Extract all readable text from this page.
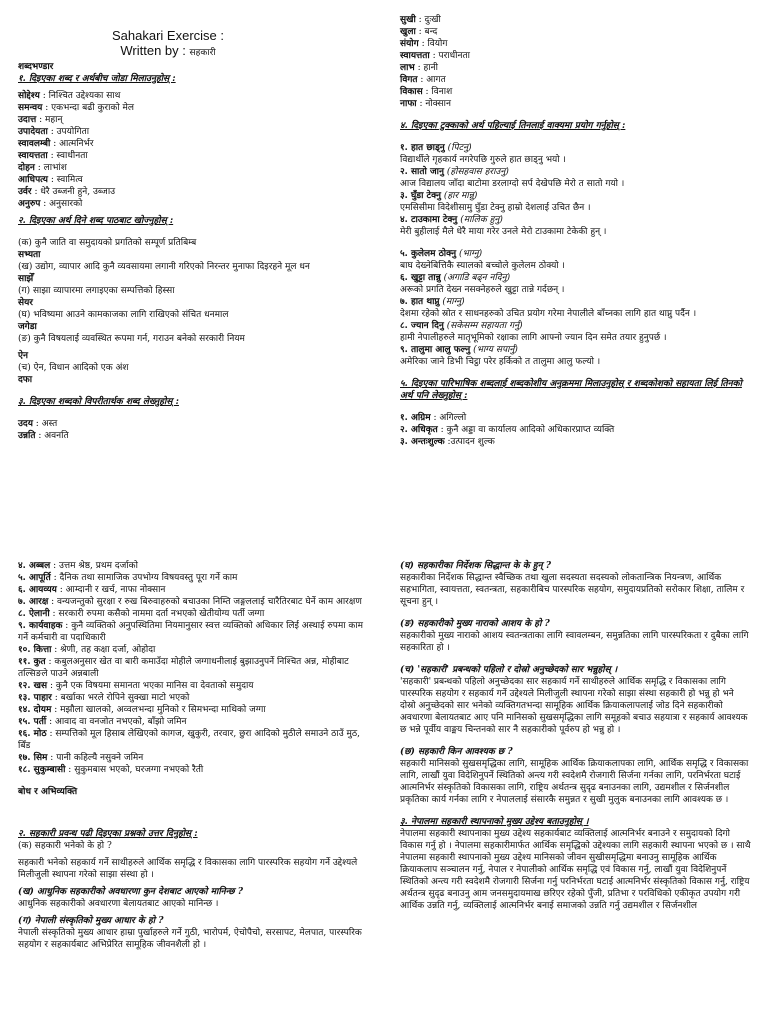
Sahakari Exercise :

Written by : सहकारी

शब्दभण्डार

१. दिइएका शब्द र अर्थबीच जोडा मिलाउनुहोस् :

सोद्देश्य : निश्चित उद्देश्यका साथ

समन्वय : एकभन्दा बढी कुराको मेल

उदात्त : महान्

उपादेयता : उपयोगिता

स्वावलम्बी : आत्मनिर्भर

स्वायत्तता : स्वाधीनता

दोहन : लाभांश

आधिपत्य : स्वामित्व

उर्वर : धेरै उब्जनी हुने, उब्जाउ

अनुरुप : अनुसारको

२. दिइएका अर्थ दिने शब्द पाठबाट खोज्नुहोस् :

(क) कुनै जाति वा समुदायको प्रगतिको सम्पूर्ण प्रतिबिम्ब

सभ्यता

(ख) उद्योग, व्यापार आदि कुनै व्यवसायमा लगानी गरिएको निरन्तर मुनाफा दिइरहने मूल धन

साझेँ

(ग) साझा व्यापारमा लगाइएका सम्पत्तिको हिस्सा

सेयर

(घ) भविष्यमा आउने कामकाजका लागि राखिएको संचित धनमाल

जगेडा

(ङ) कुनै विषयलाई व्यवस्थित रूपमा गर्न, गराउन बनेको सरकारी नियम

ऐन

(च) ऐन, विधान आदिको एक अंश

दफा

३. दिइएका शब्दको विपरीतार्थक शब्द लेख्नुहोस् :

उदय : अस्त

उन्नति : अवनति

सुखी : दुःखी

खुला : बन्द

संयोग : वियोग

स्वायत्तता : पराधीनता

लाभ : हानी

विगत : आगत

विकास : विनाश

नाफा : नोक्सान

४. दिइएका टुक्काको अर्थ पहिल्याई तिनलाई वाक्यमा प्रयोग गर्नुहोस् :

१. हात छाड्नु (पिटनु)

विद्यार्थीले गृहकार्य नगरेपछि गुरुले हात छाड्नु भयो ।

२. सातो जानु (होसहवास हराउनु)

आज विद्यालय जाँदा बाटोमा डरलाग्दो सर्प देखेपछि मेरो त सातो गयो ।

३. घुँडा टेक्नु (हार मान्नु)

एमसिसीमा विदेशीसामु घुँडा टेक्नु हाम्रो देशलाई उचित छैन ।

४. टाउकामा टेक्नु (मालिक हुनु)

मेरी बुहीलाई मैले धेरै माया गरेर उनले मेरो टाउकामा टेकेकी हुन् ।

५. कुलेलम ठोक्नु (भाग्नु)

बाघ देख्नेबित्तिकै स्यालको बच्चोले कुलेलम ठोक्यो ।

६. खुट्टा तान्नु (अगाडि बढ्न नदिनु)

अरूको प्रगति देख्न नसक्नेहरुले खुट्टा तान्ने गर्दछन् ।

७. हात थाप्नु (माग्नु)

देशमा रहेको स्रोत र साधनहरुको उचित प्रयोग गरेमा नेपालीले बाँच्नका लागि हात थाप्नु पर्दैन ।

८. ज्यान दिनु (सकेसम्म सहायता गर्नु)

हामी नेपालीहरुले मातृभूमिको रक्षाका लागि आफ्नो ज्यान दिन समेत तयार हुनुपर्छ ।

९. तालुमा आलु फल्नु (भाग्य सपार्नु)

अमेरिका जाने डिभी चिट्ठा परेर हर्किको त तालुमा आलु फल्यो ।

५. दिइएका पारिभाषिक शब्दलाई शब्दकोशीय अनुक्रममा मिलाउनुहोस् र शब्दकोशको सहायता लिई तिनको अर्थ पनि लेख्नुहोस् :

१. अग्रिम : अगिल्लो

२. अधिकृत : कुनै अड्डा वा कार्यालय आदिको अधिकारप्राप्त व्यक्ति

३. अन्तःशुल्क :उत्पादन शुल्क

४. अब्बल : उत्तम श्रेष्ठ, प्रथम दर्जाको

५. आपूर्ति : दैनिक तथा सामाजिक उपभोग्य विषयवस्तु पूरा गर्ने काम

६. आयव्यय : आम्दानी र खर्च, नाफा नोक्सान

७. आरक्ष : वन्यजन्तुको सुरक्षा र रुख बिरुवाहरुको बचाउका निम्ति जङ्गललाई चारैतिरबाट घेर्ने काम आरक्षण

८. ऐलानी : सरकारी रुपमा कसैको नाममा दर्ता नभएको खेतीयोग्य पर्ती जग्गा

९. कार्यवाहक : कुनै व्यक्तिको अनुपस्थितिमा नियमानुसार स्वत्त व्यक्तिको अधिकार लिई अस्थाई रुपमा काम गर्ने कर्मचारी वा पदाधिकारी

१०. कित्ता : श्रेणी, तह कक्षा दर्जा, ओहोदा

११. कुत : कबुलअनुसार खेत वा बारी कमाउँदा मोहीले जग्गाधनीलाई बुझाउनुपर्ने निश्चित अन्न, मोहीबाट तल्सिङले पाउने अन्नबाली

१२. खस : कुनै एक विषयमा समानता भएका मानिस वा देवताको समुदाय

१३. पाहार : बर्खाका भरले रोपिने सुक्खा माटो भएको

१४. दोयम : मझौला खालको, अव्वलभन्दा मुनिको र सिमभन्दा माथिको जग्गा

१५. पर्ती : आवाद वा वनजोत नभएको, बाँझो जमिन

१६. मोठ : सम्पत्तिको मूल हिसाब लेखिएको कागज, खुकुरी, तरवार, छुरा आदिको मुठीले समाउने ठाउँ मुठ, बिँड

१७. सिम : पानी कहिल्यै नसुक्ने जमिन

१८. सुकुम्बासी : सुकुमबास भएको, घरजग्गा नभएको रैती

बोध र अभिव्यक्ति

२. सहकारी प्रवन्ध पढी दिइएका प्रश्नको उत्तर दिनुहोस् :

(क) सहकारी भनेको के हो ?

सहकारी भनेको सहकार्य गर्ने साथीहरुले आर्थिक समृद्धि र विकासका लागि पारस्परिक सहयोग गर्ने उद्देश्यले मिलीजुली स्थापना गरेको साझा संस्था हो ।

(ख) आधुनिक सहकारीको अवधारणा कुन देशबाट आएको मानिन्छ ?

आधुनिक सहकारीको अवधारणा बेलायतबाट आएको मानिन्छ ।

(ग) नेपाली संस्कृतिको मुख्य आधार के हो ?

नेपाली संस्कृतिको मुख्य आधार हाम्रा पुर्खाहरुले गर्ने गुठी, भारोपर्म, ऐचोपैचो, सरसापट, मेलपात, पारस्परिक सहयोग र सहकार्यबाट अभिप्रेरित सामूहिक जीवनशैली हो ।

(घ) सहकारीका निर्देशक सिद्धान्त के के हुन् ?

सहकारीका निर्देशक सिद्धान्त स्वैच्छिक तथा खुला सदस्यता सदस्यको लोकतान्त्रिक नियन्त्रण, आर्थिक सहभागिता, स्वायत्तता, स्वतन्त्रता, सहकारीबिच पारस्परिक सहयोग, समुदायप्रतिको सरोकार शिक्षा, तालिम र सूचना हुन् ।

(ङ) सहकारीको मुख्य नाराको आशय के हो ?

सहकारीको मुख्य नाराको आशय स्वतन्त्रताका लागि स्वावलम्बन, समुन्नतिका लागि पारस्परिकता र दुबैका लागि सहकारिता हो ।

(च) 'सहकारी' प्रबन्धको पहिलो र दोस्रो अनुच्छेदको सार भन्नुहोस् ।

'सहकारी' प्रबन्धको पहिलो अनुच्छेदका सार सहकार्य गर्ने साथीहरुले आर्थिक समृद्धि र विकासका लागि पारस्परिक सहयोग र सहकार्य गर्ने उद्देश्यले मिलीजुली स्थापना गरेको साझा संस्था सहकारी हो भन्नु हो भने दोस्रो अनुच्छेदको सार भनेको व्यक्तिगतभन्दा सामूहिक आर्थिक क्रियाकलापलाई जोड दिने सहकारीको अवधारणा बेलायतबाट आए पनि मानिसको सुखसमृद्धिका लागि समूहको बचाउ सहयात्रा र सहकार्य आवश्यक छ भन्ने पूर्वीय वाङ्मय चिन्तनको सार नै सहकारीको पूर्वरुप हो भन्नु हो ।

(छ) सहकारी किन आवश्यक छ ?

सहकारी मानिसको सुखसमृद्धिका लागि, सामूहिक आर्थिक क्रियाकलापका लागि, आर्थिक समृद्धि र विकासका लागि, लाखौं युवा विदेशिनुपर्ने स्थितिको अन्त्य गरी स्वदेशमै रोजगारी सिर्जना गर्नका लागि, परनिर्भरता घटाई आत्मनिर्भर संस्कृतिको विकासका लागि, राष्ट्रिय अर्थतन्त्र सुदृढ बनाउनका लागि, उद्यमशील र सिर्जनशील प्रकृतिका कार्य गर्नका लागि र नेपाललाई संसारकै समुन्नत र सुखी मुलुक बनाउनका लागि आवश्यक छ ।

३. नेपालमा सहकारी स्थापनाको मुख्य उद्देश्य बताउनुहोस् ।

नेपालमा सहकारी स्थापनाका मुख्य उद्देश्य सहकार्यबाट व्यक्तिलाई आत्मनिर्भर बनाउने र समुदायको दिगो विकास गर्नु हो । नेपालमा सहकारीमार्फत आर्थिक समृद्धिको उद्देश्यका लागि सहकारी स्थापना भएको छ । साथै नेपालमा सहकारी स्थापनाको मुख्य उद्देश्य मानिसको जीवन सुखीसमृद्धिमा बनाउनु सामूहिक आर्थिक क्रियाकलाप सञ्चालन गर्नु, नेपाल र नेपालीको आर्थिक समृद्धि एवं विकास गर्नु, लाखौं युवा विदेशिनुपर्ने स्थितिको अन्त्य गरी स्वदेशमै रोजगारी सिर्जना गर्नु परनिर्भरता घटाई आत्मनिर्भर संस्कृतिको विकास गर्नु, राष्ट्रिय अर्थतन्त्र सुदृढ बनाउनु आम जनसमुदायमाख छरिएर रहेको पुँजी, प्रतिभा र परविधिको एकीकृत उपयोग गरी आर्थिक उन्नति गर्नु, व्यक्तिलाई आत्मनिर्भर बनाई समाजको उन्नति गर्नु उद्यमशील र सिर्जनशील
